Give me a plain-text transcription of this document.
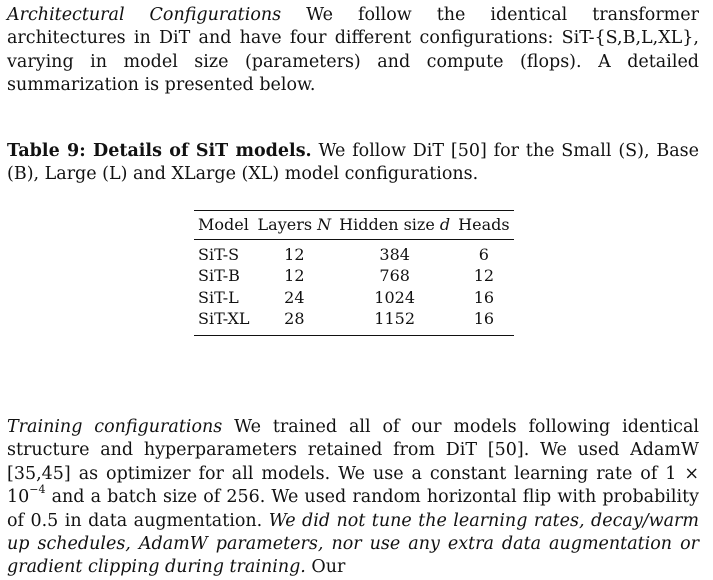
Architectural Configurations We follow the identical transformer architectures in DiT and have four different configurations: SiT-{S,B,L,XL}, varying in model size (parameters) and compute (flops). A detailed summarization is presented below.
Table 9: Details of SiT models. We follow DiT [50] for the Small (S), Base (B), Large (L) and XLarge (XL) model configurations.
Model	Layers N	Hidden size d	Heads
SiT-S	12	384	6
SiT-B	12	768	12
SiT-L	24	1024	16
SiT-XL	28	1152	16
Training configurations We trained all of our models following identical structure and hyperparameters retained from DiT [50]. We used AdamW [35,45] as optimizer for all models. We use a constant learning rate of $1 \times 10^{-4}$ and a batch size of 256. We used random horizontal flip with probability of 0.5 in data augmentation. We did not tune the learning rates, decay/warm up schedules, AdamW parameters, nor use any extra data augmentation or gradient clipping during training. Our
